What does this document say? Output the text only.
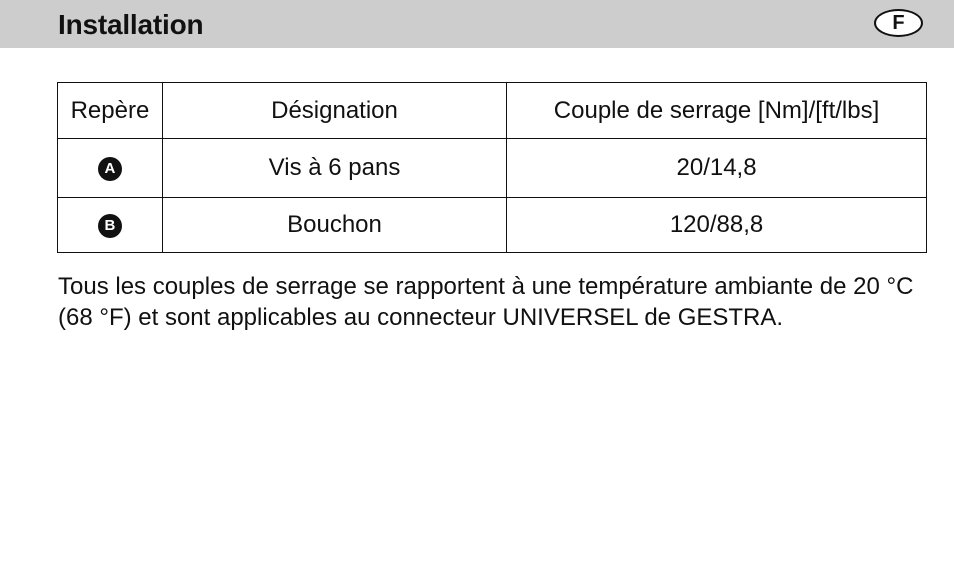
Installation	F
Repère	Désignation	Couple de serrage [Nm]/[ft/lbs]
A	Vis à 6 pans	20/14,8
B	Bouchon	120/88,8

Tous les couples de serrage se rapportent à une température ambiante de 20 °C (68 °F) et sont applicables au connecteur UNIVERSEL de GESTRA.
